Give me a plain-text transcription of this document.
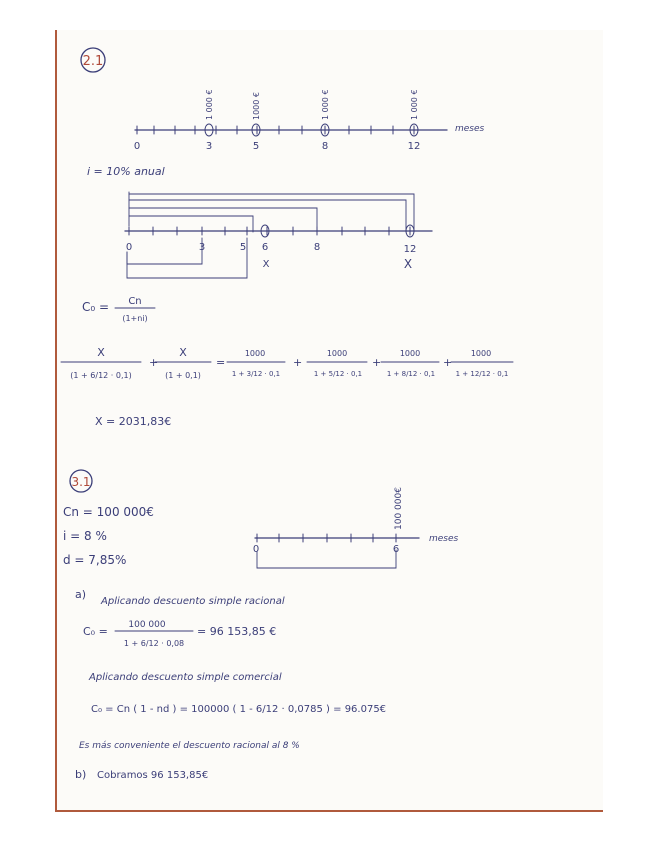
2.1
0	3	5	8	12
1 000 €	1000 €	1 000 €	1 000 €
meses
i = 10% anual
0	3	5 6	8	12
X	X
C₀ = Cn
(1+ni)
X
(1 + 6/12 · 0,1)
+
X
(1 + 0,1)
=
1000
1 + 3/12 · 0,1
+
1000
1 + 5/12 · 0,1
+
1000
1 + 8/12 · 0,1
+
1000
1 + 12/12 · 0,1
X = 2031,83€
3.1
Cn = 100 000€
i = 8 %
d = 7,85%
0	6
100 000€
meses
a)
Aplicando descuento simple racional
C₀ = 100 000
1 + 6/12 · 0,08
= 96 153,85 €
Aplicando descuento simple comercial
C₀ = Cn ( 1 - nd ) = 100000 ( 1 - 6/12 · 0,0785 ) = 96.075€
Es más conveniente el descuento racional al 8 %
b) Cobramos 96 153,85€
